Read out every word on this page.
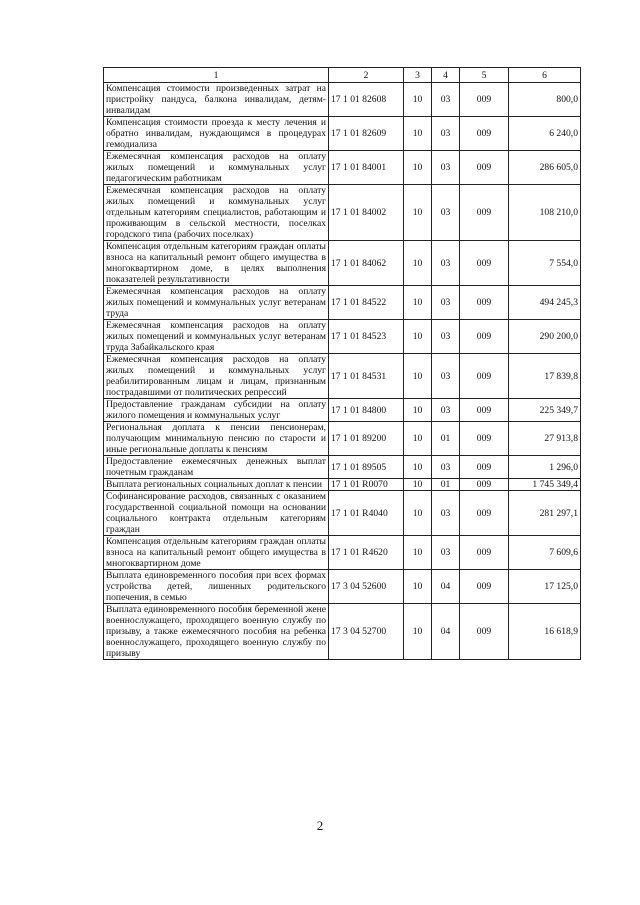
1	2	3	4	5	6
Компенсация стоимости произведенных затрат на пристройку пандуса, балкона инвалидам, детям-инвалидам	17 1 01 82608	10	03	009	800,0
Компенсация стоимости проезда к месту лечения и обратно инвалидам, нуждающимся в процедурах гемодиализа	17 1 01 82609	10	03	009	6 240,0
Ежемесячная компенсация расходов на оплату жилых помещений и коммунальных услуг педагогическим работникам	17 1 01 84001	10	03	009	286 605,0
Ежемесячная компенсация расходов на оплату жилых помещений и коммунальных услуг отдельным категориям специалистов, работающим и проживающим в сельской местности, поселках городского типа (рабочих поселках)	17 1 01 84002	10	03	009	108 210,0
Компенсация отдельным категориям граждан оплаты взноса на капитальный ремонт общего имущества в многоквартирном доме, в целях выполнения показателей результативности	17 1 01 84062	10	03	009	7 554,0
Ежемесячная компенсация расходов на оплату жилых помещений и коммунальных услуг ветеранам труда	17 1 01 84522	10	03	009	494 245,3
Ежемесячная компенсация расходов на оплату жилых помещений и коммунальных услуг ветеранам труда Забайкальского края	17 1 01 84523	10	03	009	290 200,0
Ежемесячная компенсация расходов на оплату жилых помещений и коммунальных услуг реабилитированным лицам и лицам, признанным пострадавшими от политических репрессий	17 1 01 84531	10	03	009	17 839,8
Предоставление гражданам субсидии на оплату жилого помещения и коммунальных услуг	17 1 01 84800	10	03	009	225 349,7
Региональная доплата к пенсии пенсионерам, получающим минимальную пенсию по старости и иные региональные доплаты к пенсиям	17 1 01 89200	10	01	009	27 913,8
Предоставление ежемесячных денежных выплат почетным гражданам	17 1 01 89505	10	03	009	1 296,0
Выплата региональных социальных доплат к пенсии	17 1 01 R0070	10	01	009	1 745 349,4
Софинансирование расходов, связанных с оказанием государственной социальной помощи на основании социального контракта отдельным категориям граждан	17 1 01 R4040	10	03	009	281 297,1
Компенсация отдельным категориям граждан оплаты взноса на капитальный ремонт общего имущества в многоквартирном доме	17 1 01 R4620	10	03	009	7 609,6
Выплата единовременного пособия при всех формах устройства детей, лишенных родительского попечения, в семью	17 3 04 52600	10	04	009	17 125,0
Выплата единовременного пособия беременной жене военнослужащего, проходящего военную службу по призыву, а также ежемесячного пособия на ребенка военнослужащего, проходящего военную службу по призыву	17 3 04 52700	10	04	009	16 618,9
2
